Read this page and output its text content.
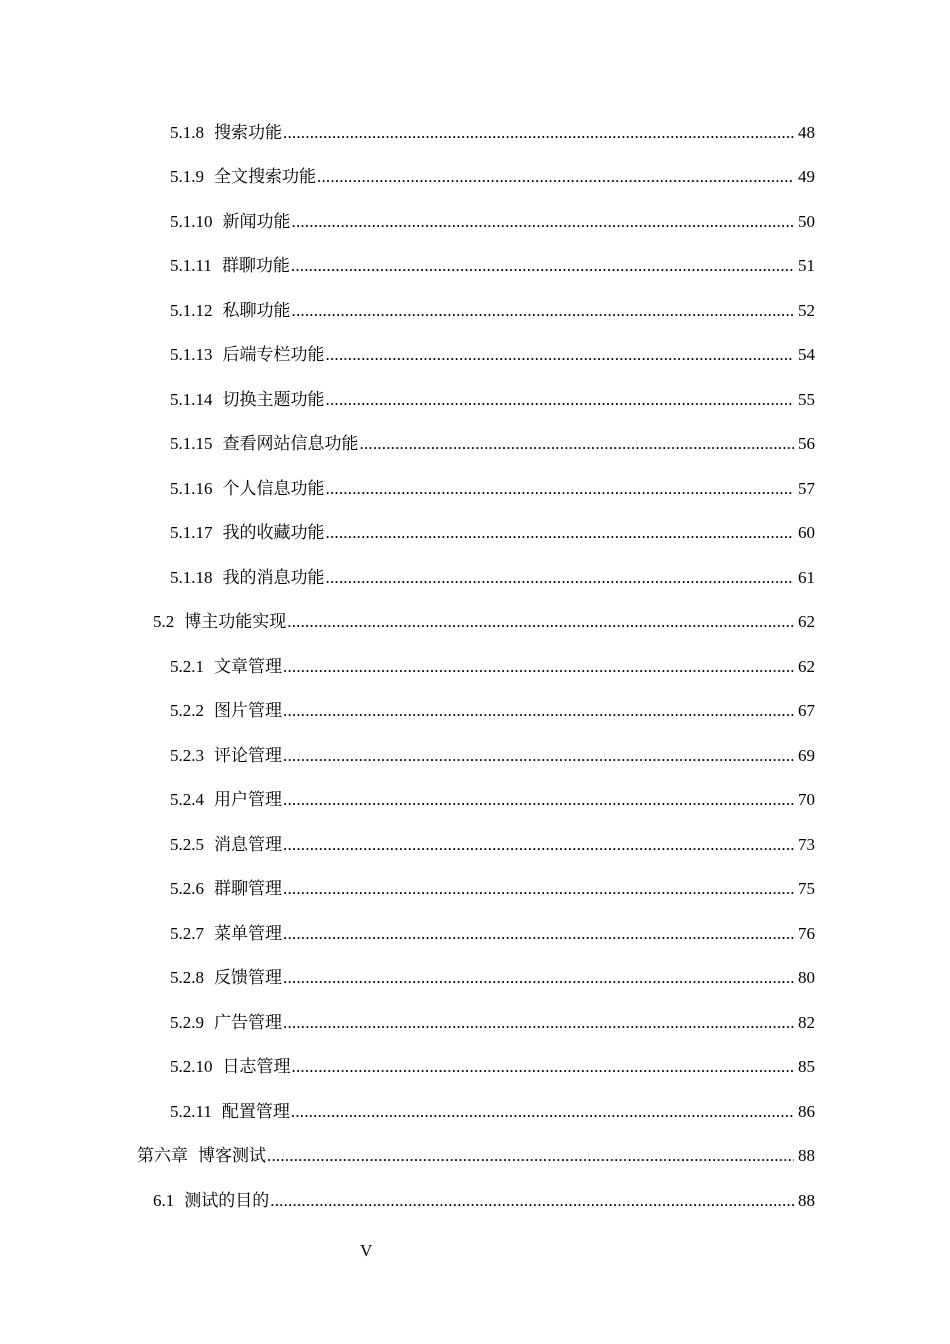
5.1.8 搜索功能 .....	48
5.1.9 全文搜索功能 .....	49
5.1.10 新闻功能 .....	50
5.1.11 群聊功能 .....	51
5.1.12 私聊功能 .....	52
5.1.13 后端专栏功能 .....	54
5.1.14 切换主题功能 .....	55
5.1.15 查看网站信息功能 .....	56
5.1.16 个人信息功能 .....	57
5.1.17 我的收藏功能 .....	60
5.1.18 我的消息功能 .....	61
5.2 博主功能实现 .....	62
5.2.1 文章管理 .....	62
5.2.2 图片管理 .....	67
5.2.3 评论管理 .....	69
5.2.4 用户管理 .....	70
5.2.5 消息管理 .....	73
5.2.6 群聊管理 .....	75
5.2.7 菜单管理 .....	76
5.2.8 反馈管理 .....	80
5.2.9 广告管理 .....	82
5.2.10 日志管理 .....	85
5.2.11 配置管理 .....	86
第六章 博客测试 .....	88
6.1 测试的目的 .....	88
V
